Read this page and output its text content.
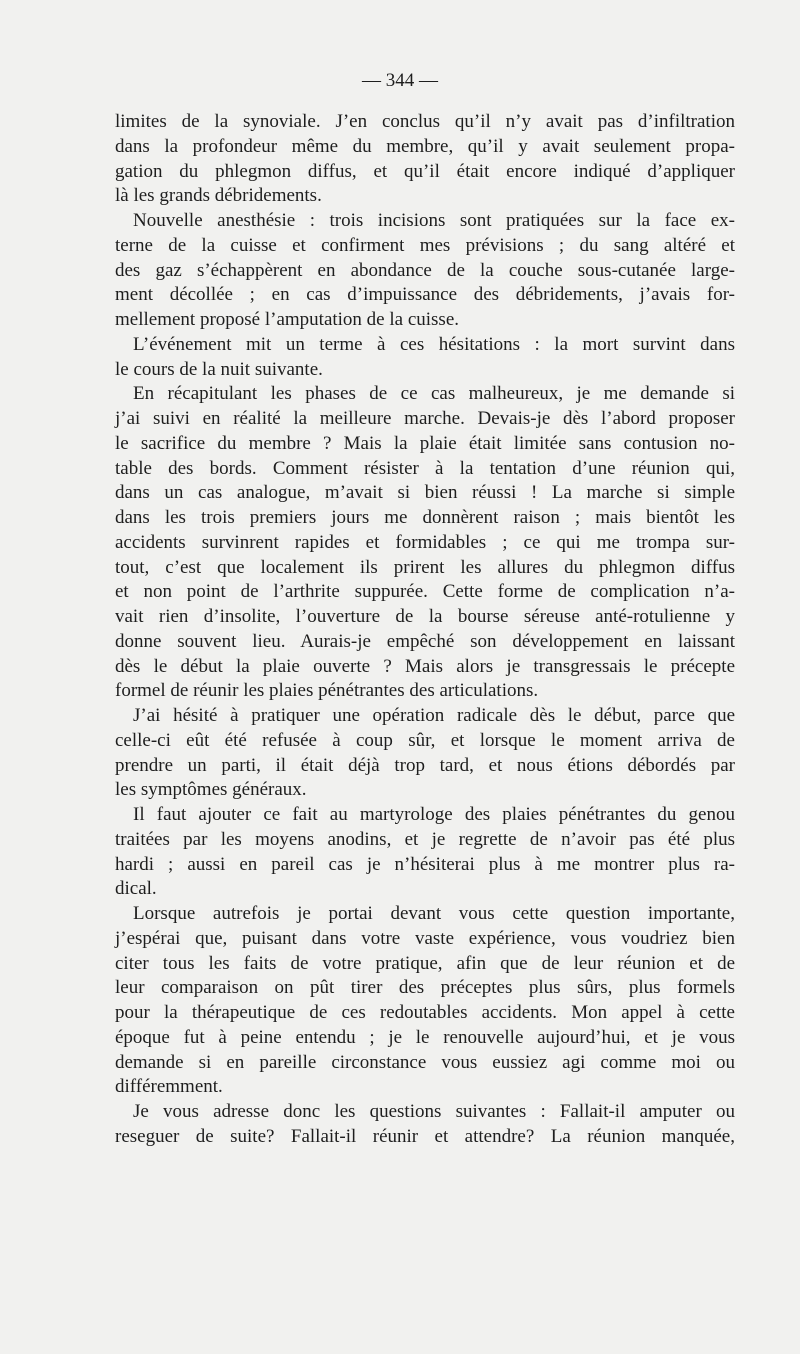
— 344 —
limites de la synoviale. J’en conclus qu’il n’y avait pas d’infiltration
dans la profondeur même du membre, qu’il y avait seulement propa-
gation du phlegmon diffus, et qu’il était encore indiqué d’appliquer
là les grands débridements.
Nouvelle anesthésie : trois incisions sont pratiquées sur la face ex-
terne de la cuisse et confirment mes prévisions ; du sang altéré et
des gaz s’échappèrent en abondance de la couche sous-cutanée large-
ment décollée ; en cas d’impuissance des débridements, j’avais for-
mellement proposé l’amputation de la cuisse.
L’événement mit un terme à ces hésitations : la mort survint dans
le cours de la nuit suivante.
En récapitulant les phases de ce cas malheureux, je me demande si
j’ai suivi en réalité la meilleure marche. Devais-je dès l’abord proposer
le sacrifice du membre ? Mais la plaie était limitée sans contusion no-
table des bords. Comment résister à la tentation d’une réunion qui,
dans un cas analogue, m’avait si bien réussi ! La marche si simple
dans les trois premiers jours me donnèrent raison ; mais bientôt les
accidents survinrent rapides et formidables ; ce qui me trompa sur-
tout, c’est que localement ils prirent les allures du phlegmon diffus
et non point de l’arthrite suppurée. Cette forme de complication n’a-
vait rien d’insolite, l’ouverture de la bourse séreuse anté-rotulienne y
donne souvent lieu. Aurais-je empêché son développement en laissant
dès le début la plaie ouverte ? Mais alors je transgressais le précepte
formel de réunir les plaies pénétrantes des articulations.
J’ai hésité à pratiquer une opération radicale dès le début, parce que
celle-ci eût été refusée à coup sûr, et lorsque le moment arriva de
prendre un parti, il était déjà trop tard, et nous étions débordés par
les symptômes généraux.
Il faut ajouter ce fait au martyrologe des plaies pénétrantes du genou
traitées par les moyens anodins, et je regrette de n’avoir pas été plus
hardi ; aussi en pareil cas je n’hésiterai plus à me montrer plus ra-
dical.
Lorsque autrefois je portai devant vous cette question importante,
j’espérai que, puisant dans votre vaste expérience, vous voudriez bien
citer tous les faits de votre pratique, afin que de leur réunion et de
leur comparaison on pût tirer des préceptes plus sûrs, plus formels
pour la thérapeutique de ces redoutables accidents. Mon appel à cette
époque fut à peine entendu ; je le renouvelle aujourd’hui, et je vous
demande si en pareille circonstance vous eussiez agi comme moi ou
différemment.
Je vous adresse donc les questions suivantes : Fallait-il amputer ou
reseguer de suite? Fallait-il réunir et attendre? La réunion manquée,
